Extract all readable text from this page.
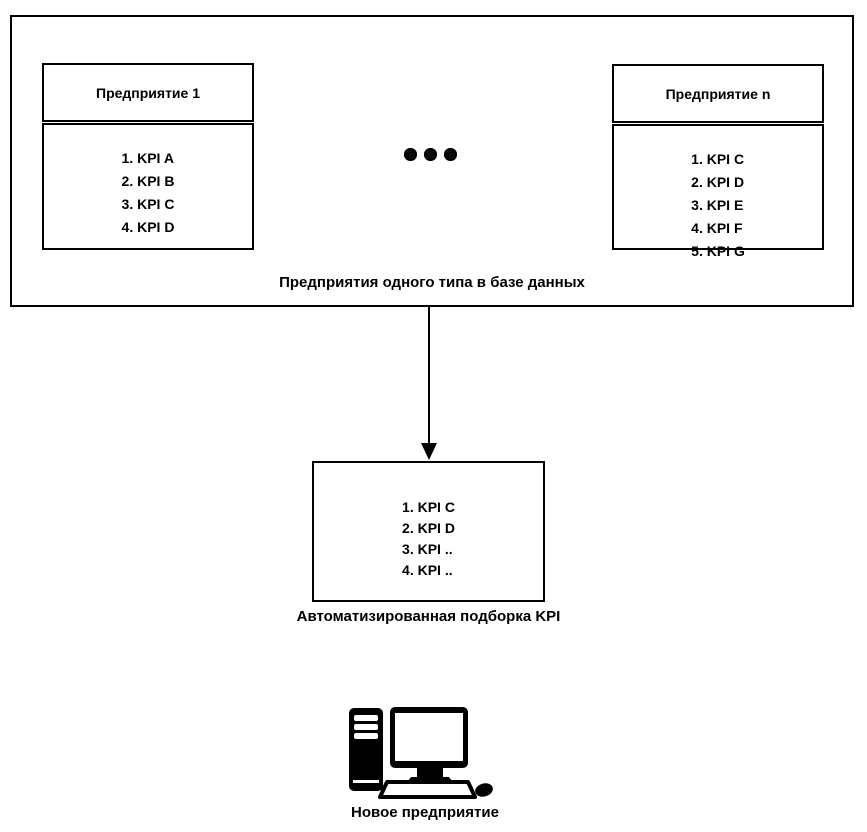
Предприятие 1
1. KPI A
2. KPI B
3. KPI C
4. KPI D
Предприятие n
1. KPI C
2. KPI D
3. KPI E
4. KPI F
5. KPI G
Предприятия одного типа в базе данных
1. KPI C
2. KPI D
3. KPI ..
4. KPI ..
Автоматизированная подборка KPI
Новое предприятие
